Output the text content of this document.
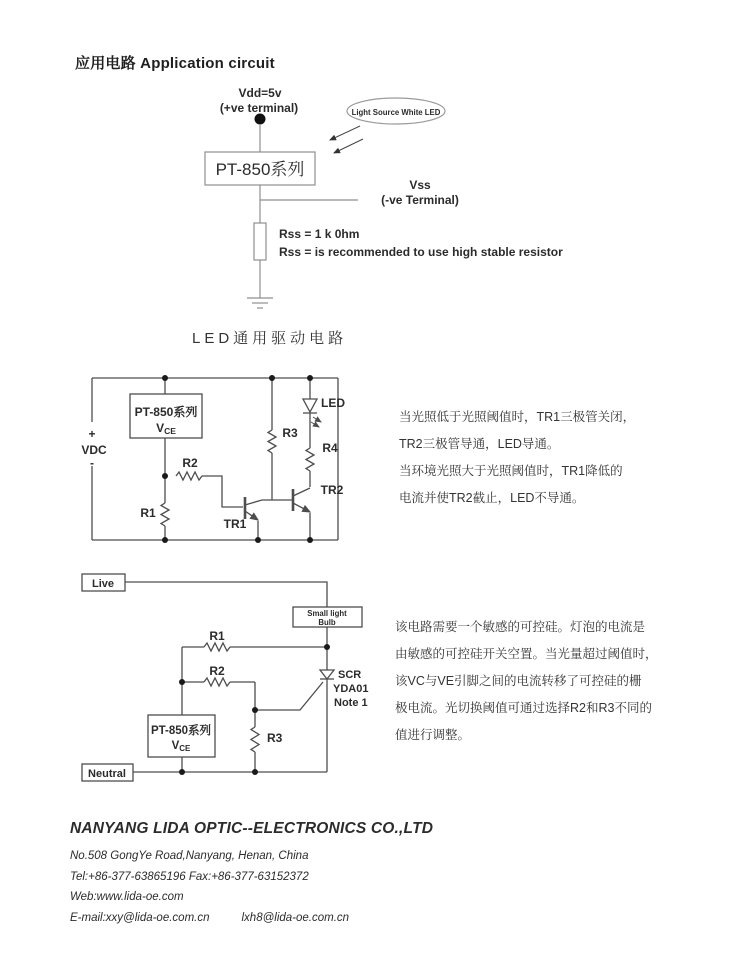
应用电路 Application circuit
Vdd=5v
(+ve terminal)
PT-850系列
Light Source White LED
Vss
(-ve Terminal)
Rss = 1 k 0hm
Rss = is recommended to use high stable resistor
LED通用驱动电路
+
VDC
-
PT-850系列
VCE
R1
R2
R3
R4
TR1
TR2
LED
当光照低于光照阈值时，TR1三极管关闭，
TR2三极管导通，LED导通。
当环境光照大于光照阈值时，TR1降低的
电流并使TR2截止，LED不导通。
Live
Small light
Bulb
R1
R2
R3
SCR
YDA01
Note 1
PT-850系列
VCE
Neutral
该电路需要一个敏感的可控硅。灯泡的电流是
由敏感的可控硅开关空置。当光量超过阈值时，
该VC与VE引脚之间的电流转移了可控硅的栅
极电流。光切换阈值可通过选择R2和R3不同的
值进行调整。
NANYANG LIDA OPTIC--ELECTRONICS CO.,LTD
No.508 GongYe Road,Nanyang, Henan, China
Tel:+86-377-63865196 Fax:+86-377-63152372
Web:www.lida-oe.com
E-mail:xxy@lida-oe.com.cn	lxh8@lida-oe.com.cn
